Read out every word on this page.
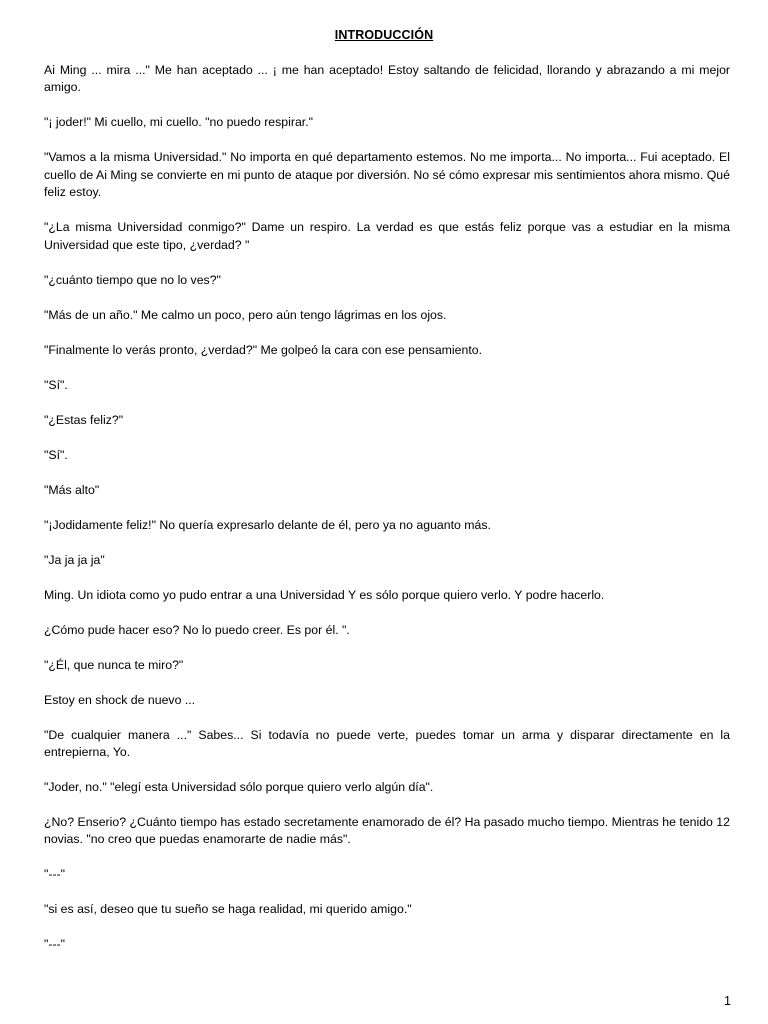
INTRODUCCIÓN

Ai Ming ... mira ..." Me han aceptado ... ¡ me han aceptado! Estoy saltando de felicidad, llorando y abrazando a mi mejor amigo.

"¡ joder!" Mi cuello, mi cuello. "no puedo respirar."

"Vamos a la misma Universidad." No importa en qué departamento estemos. No me importa... No importa... Fui aceptado. El cuello de Ai Ming se convierte en mi punto de ataque por diversión. No sé cómo expresar mis sentimientos ahora mismo. Qué feliz estoy.

"¿La misma Universidad conmigo?" Dame un respiro. La verdad es que estás feliz porque vas a estudiar en la misma Universidad que este tipo, ¿verdad? "

"¿cuánto tiempo que no lo ves?"

"Más de un año." Me calmo un poco, pero aún tengo lágrimas en los ojos.

"Finalmente lo verás pronto, ¿verdad?" Me golpeó la cara con ese pensamiento.

"Sí".

"¿Estas feliz?"

"Sí".

"Más alto"

"¡Jodidamente feliz!" No quería expresarlo delante de él, pero ya no aguanto más.

"Ja ja ja ja"

Ming. Un idiota como yo pudo entrar a una Universidad Y es sólo porque quiero verlo. Y podre hacerlo.

¿Cómo pude hacer eso? No lo puedo creer. Es por él. ".

"¿Él, que nunca te miro?"

Estoy en shock de nuevo ...

"De cualquier manera ..." Sabes... Si todavía no puede verte, puedes tomar un arma y disparar directamente en la entrepierna, Yo.

"Joder, no." "elegí esta Universidad sólo porque quiero verlo algún día".

¿No? Enserio? ¿Cuánto tiempo has estado secretamente enamorado de él? Ha pasado mucho tiempo. Mientras he tenido 12 novias. "no creo que puedas enamorarte de nadie más".

"---"

"si es así, deseo que tu sueño se haga realidad, mi querido amigo."

"---"

1
